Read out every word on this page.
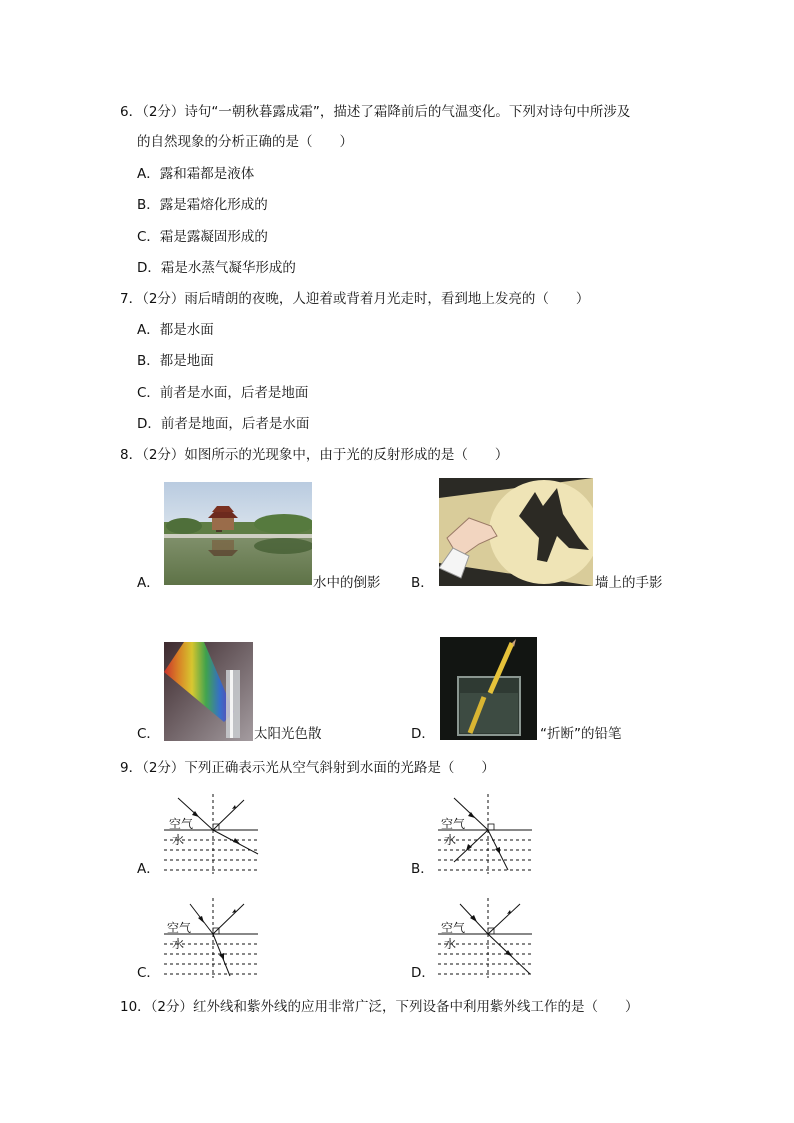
6．（2分）诗句“一朝秋暮露成霜”，描述了霜降前后的气温变化。下列对诗句中所涉及
的自然现象的分析正确的是（　　）
A．露和霜都是液体
B．露是霜熔化形成的
C．霜是露凝固形成的
D．霜是水蒸气凝华形成的
7．（2分）雨后晴朗的夜晚，人迎着或背着月光走时，看到地上发亮的（　　）
A．都是水面
B．都是地面
C．前者是水面，后者是地面
D．前者是地面，后者是水面
8．（2分）如图所示的光现象中，由于光的反射形成的是（　　）
A．	水中的倒影 B．	墙上的手影
C．	太阳光色散	D．	“折断”的铅笔
9．（2分）下列正确表示光从空气斜射到水面的光路是（　　）
A．
空气
水
B．
空气
水
C．
空气
水
D．
空气
水
10．（2分）红外线和紫外线的应用非常广泛，下列设备中利用紫外线工作的是（　　）
